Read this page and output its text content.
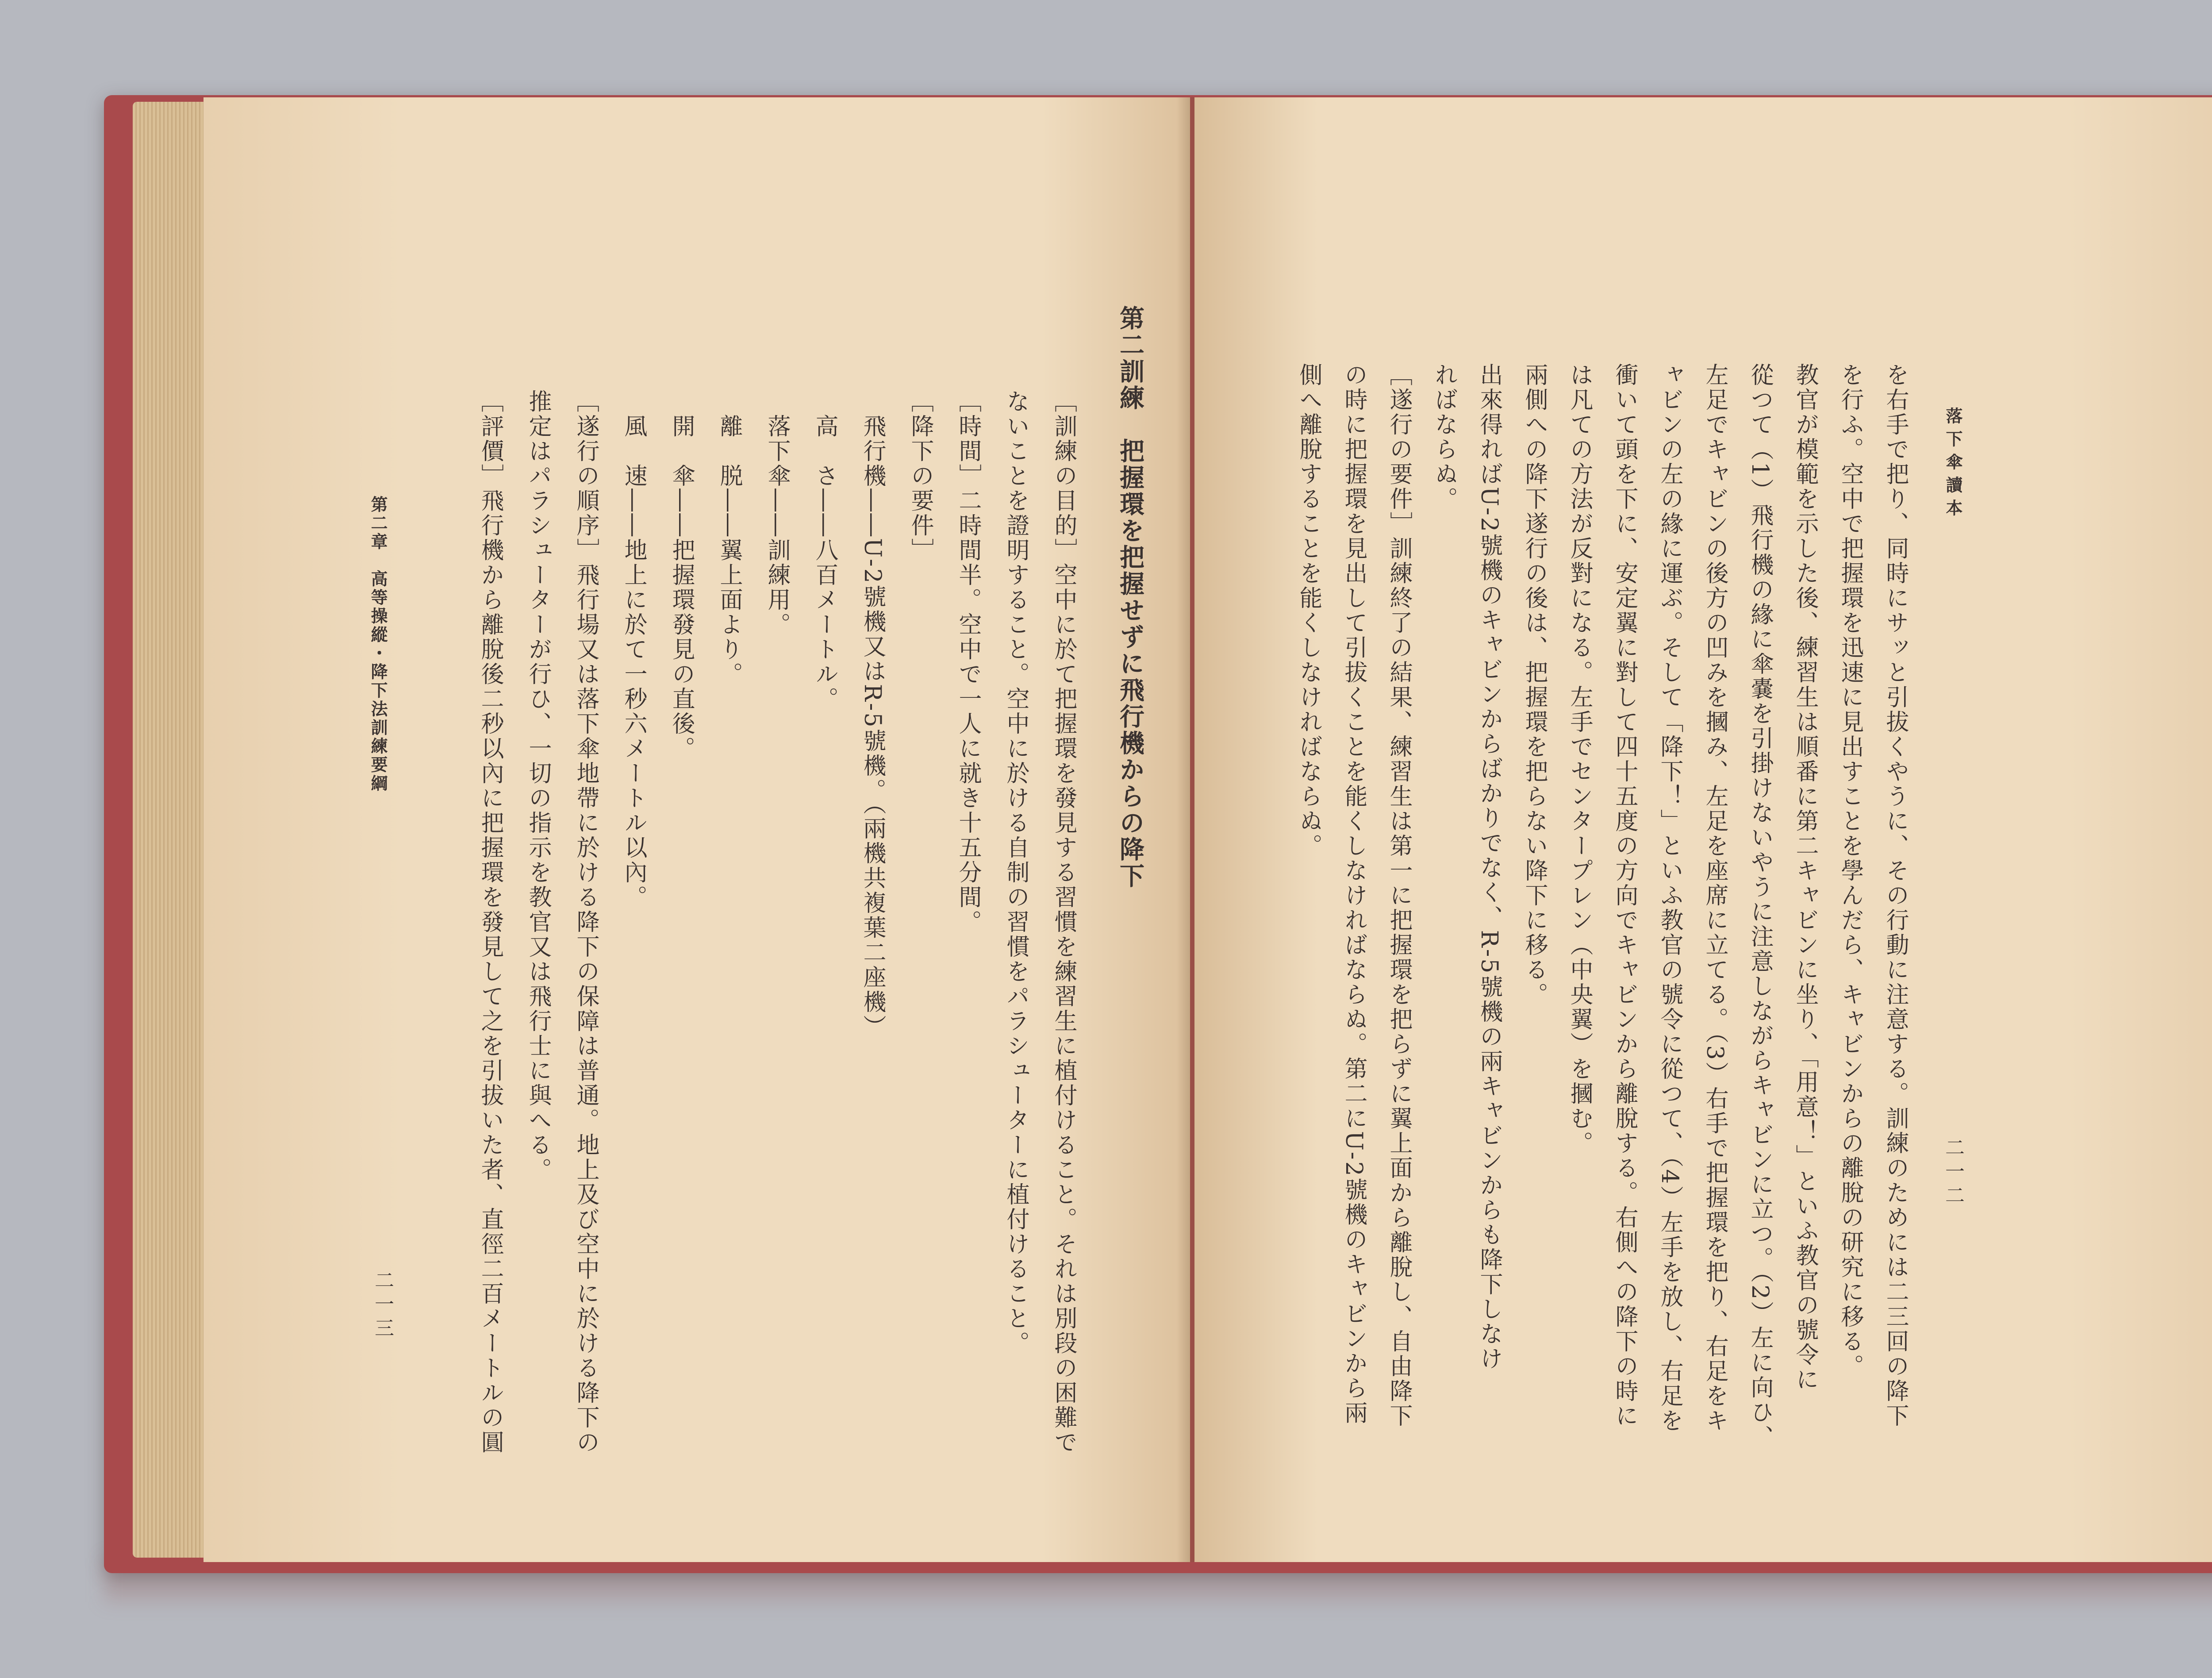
第二訓練　把握環を把握せずに飛行機からの降下
［訓練の目的］空中に於て把握環を發見する習慣を練習生に植付けること。それは別段の困難で
ないことを證明すること。空中に於ける自制の習慣をパラシューターに植付けること。
［時間］二時間半。空中で一人に就き十五分間。
［降下の要件］
　飛行機――U-2號機又はR-5號機。（兩機共複葉二座機）
　高　さ――八百メートル。
　落下傘――訓練用。
　離　脱――翼上面より。
　開　傘――把握環發見の直後。
　風　速――地上に於て一秒六メートル以內。
［遂行の順序］飛行場又は落下傘地帶に於ける降下の保障は普通。地上及び空中に於ける降下の
推定はパラシューターが行ひ、一切の指示を教官又は飛行士に與へる。
［評價］飛行機から離脫後二秒以內に把握環を發見して之を引拔いた者、直徑二百メートルの圓
第二章　高等操縱・降下法訓練要綱
二一三
落下傘讀本
二一二
を右手で把り、同時にサッと引拔くやうに、その行動に注意する。訓練のためには二三回の降下
を行ふ。空中で把握環を迅速に見出すことを學んだら、キャビンからの離脫の研究に移る。
教官が模範を示した後、練習生は順番に第二キャビンに坐り、「用意！」といふ教官の號令に
從つて（1）飛行機の緣に傘嚢を引掛けないやうに注意しながらキャビンに立つ。（2）左に向ひ、
左足でキャビンの後方の凹みを摑み、左足を座席に立てる。（3）右手で把握環を把り、右足をキ
ャビンの左の緣に運ぶ。そして「降下！」といふ教官の號令に從つて、（4）左手を放し、右足を
衝いて頭を下に、安定翼に對して四十五度の方向でキャビンから離脫する。右側への降下の時に
は凡ての方法が反對になる。左手でセンタープレン（中央翼）を摑む。
兩側への降下遂行の後は、把握環を把らない降下に移る。
出來得ればU-2號機のキャビンからばかりでなく、R-5號機の兩キャビンからも降下しなけ
ればならぬ。
［遂行の要件］訓練終了の結果、練習生は第一に把握環を把らずに翼上面から離脫し、自由降下
の時に把握環を見出して引拔くことを能くしなければならぬ。第二にU-2號機のキャビンから兩
側へ離脫することを能くしなければならぬ。
